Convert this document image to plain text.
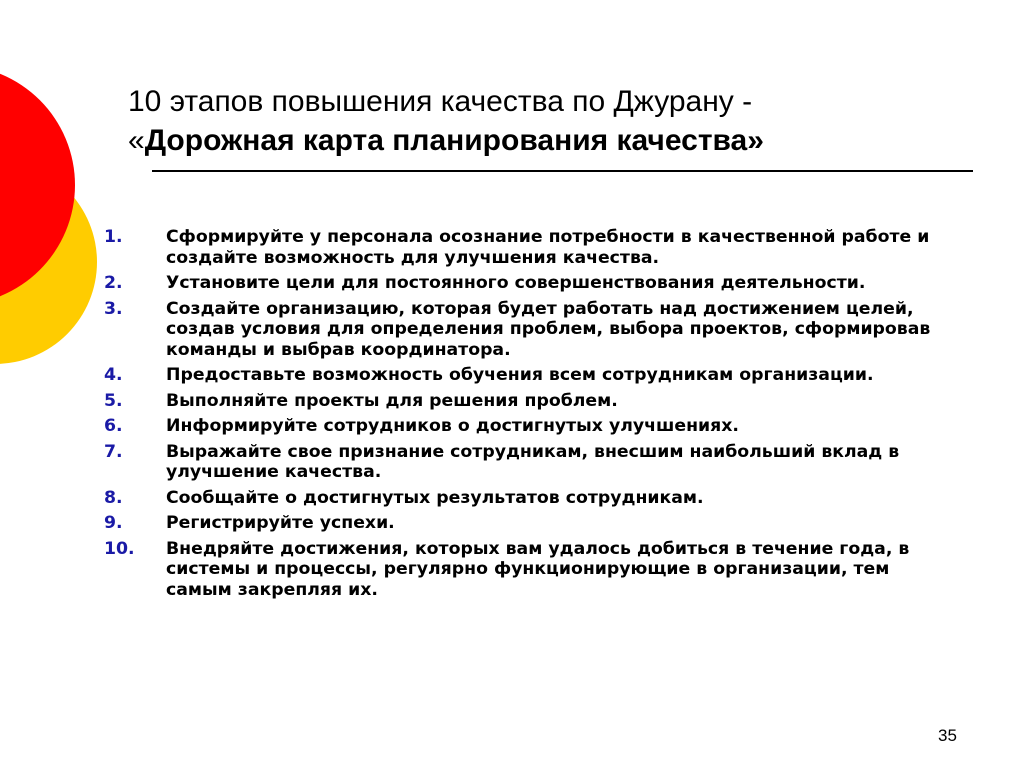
10 этапов повышения качества по Джурану -
«Дорожная карта планирования качества»
1.	Сформируйте у персонала осознание потребности в качественной работе и создайте возможность для улучшения качества.
2.	Установите цели для постоянного совершенствования деятельности.
3.	Создайте организацию, которая будет работать над достижением целей, создав условия для определения проблем, выбора проектов, сформировав команды и выбрав координатора.
4.	Предоставьте возможность обучения всем сотрудникам организации.
5.	Выполняйте проекты для решения проблем.
6.	Информируйте сотрудников о достигнутых улучшениях.
7.	Выражайте свое признание сотрудникам, внесшим наибольший вклад в улучшение качества.
8.	Сообщайте о достигнутых результатов сотрудникам.
9.	Регистрируйте успехи.
10.	Внедряйте достижения, которых вам удалось добиться в течение года, в системы и процессы, регулярно функционирующие в организации, тем самым закрепляя их.
35
